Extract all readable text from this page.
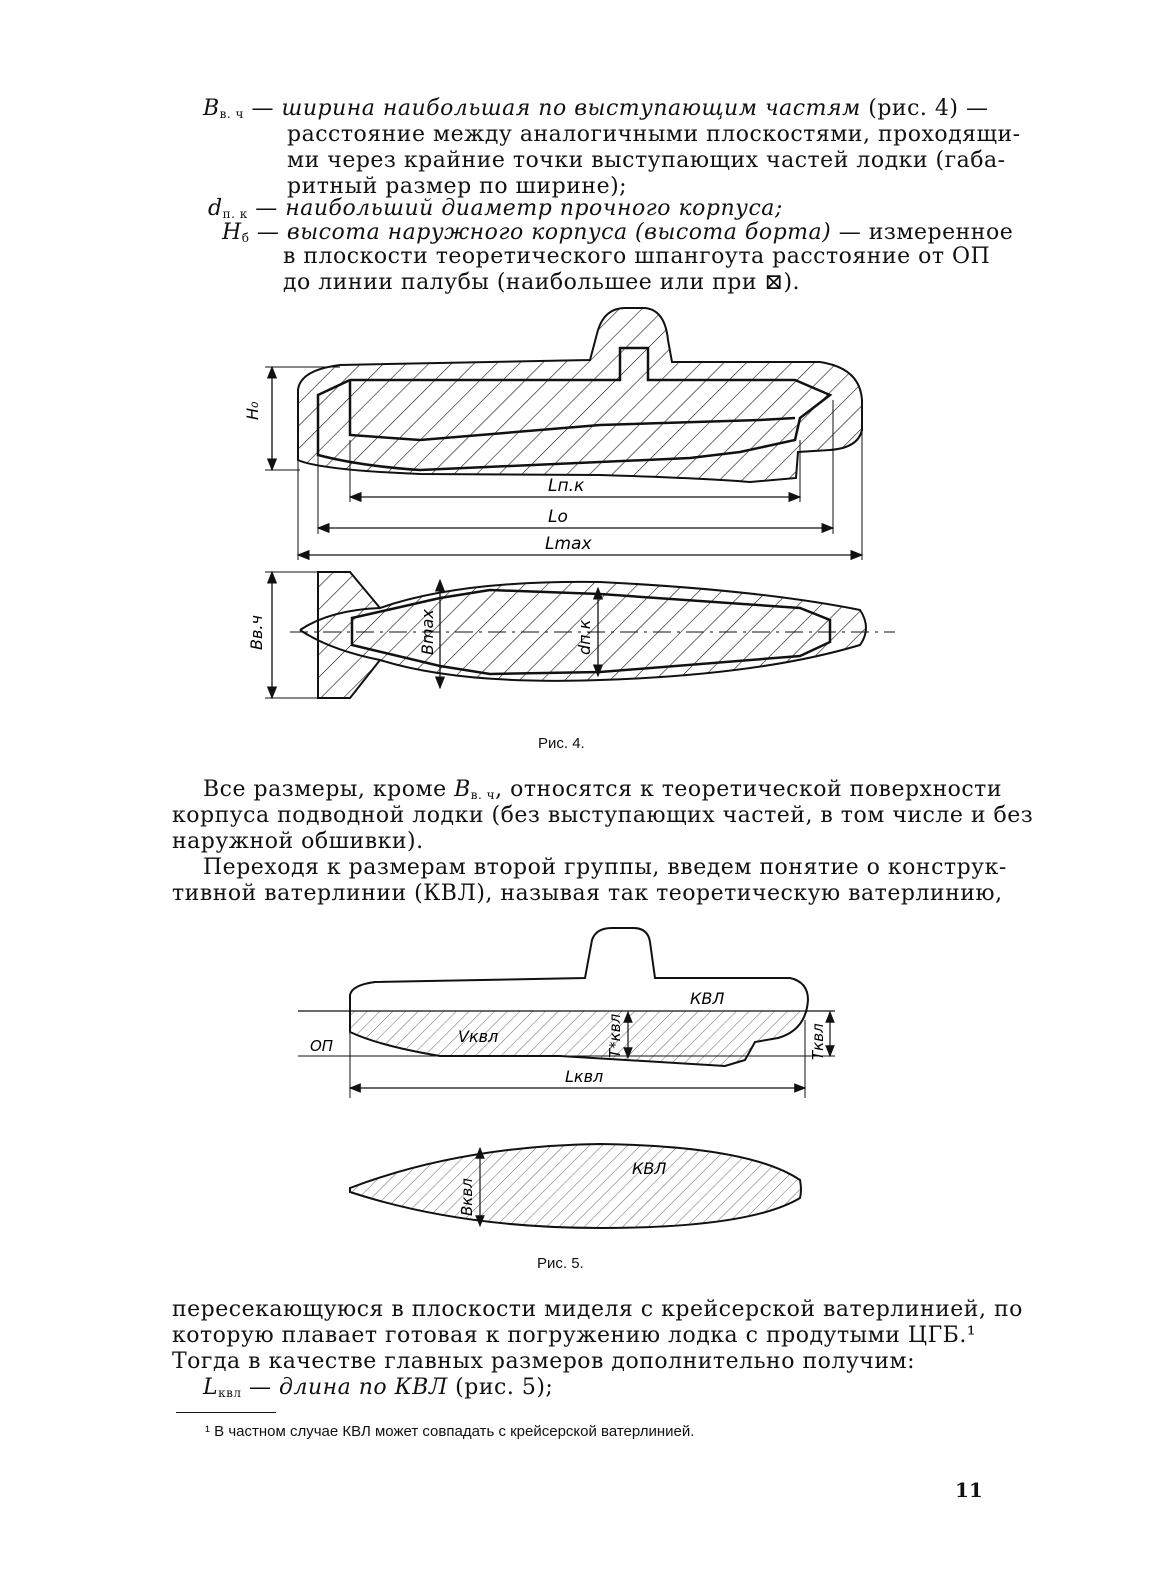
$B_{в. ч}$ — ширина наибольшая по выступающим частям (рис. 4) —
расстояние между аналогичными плоскостями, проходящи-
ми через крайние точки выступающих частей лодки (габа-
ритный размер по ширине);
$d_{п. к}$ — наибольший диаметр прочного корпуса;
$H_б$ — высота наружного корпуса (высота борта) — измеренное
в плоскости теоретического шпангоута расстояние от ОП
до линии палубы (наибольшее или при ⊠).
H₀
Lп.к
Lо
Lmax
Bв.ч	Bmax	dп.к
Рис. 4.
Все размеры, кроме $B_{в. ч}$, относятся к теоретической поверхности
корпуса подводной лодки (без выступающих частей, в том числе и без
наружной обшивки).
Переходя к размерам второй группы, введем понятие о конструк-
тивной ватерлинии (КВЛ), называя так теоретическую ватерлинию,
ОП
КВЛ
Vквл	T*квл	Tквл
Lквл
Bквл
КВЛ
Рис. 5.
пересекающуюся в плоскости миделя с крейсерской ватерлинией, по
которую плавает готовая к погружению лодка с продутыми ЦГБ.¹
Тогда в качестве главных размеров дополнительно получим:
$L_{квл}$ — длина по КВЛ (рис. 5);
¹ В частном случае КВЛ может совпадать с крейсерской ватерлинией.
11
